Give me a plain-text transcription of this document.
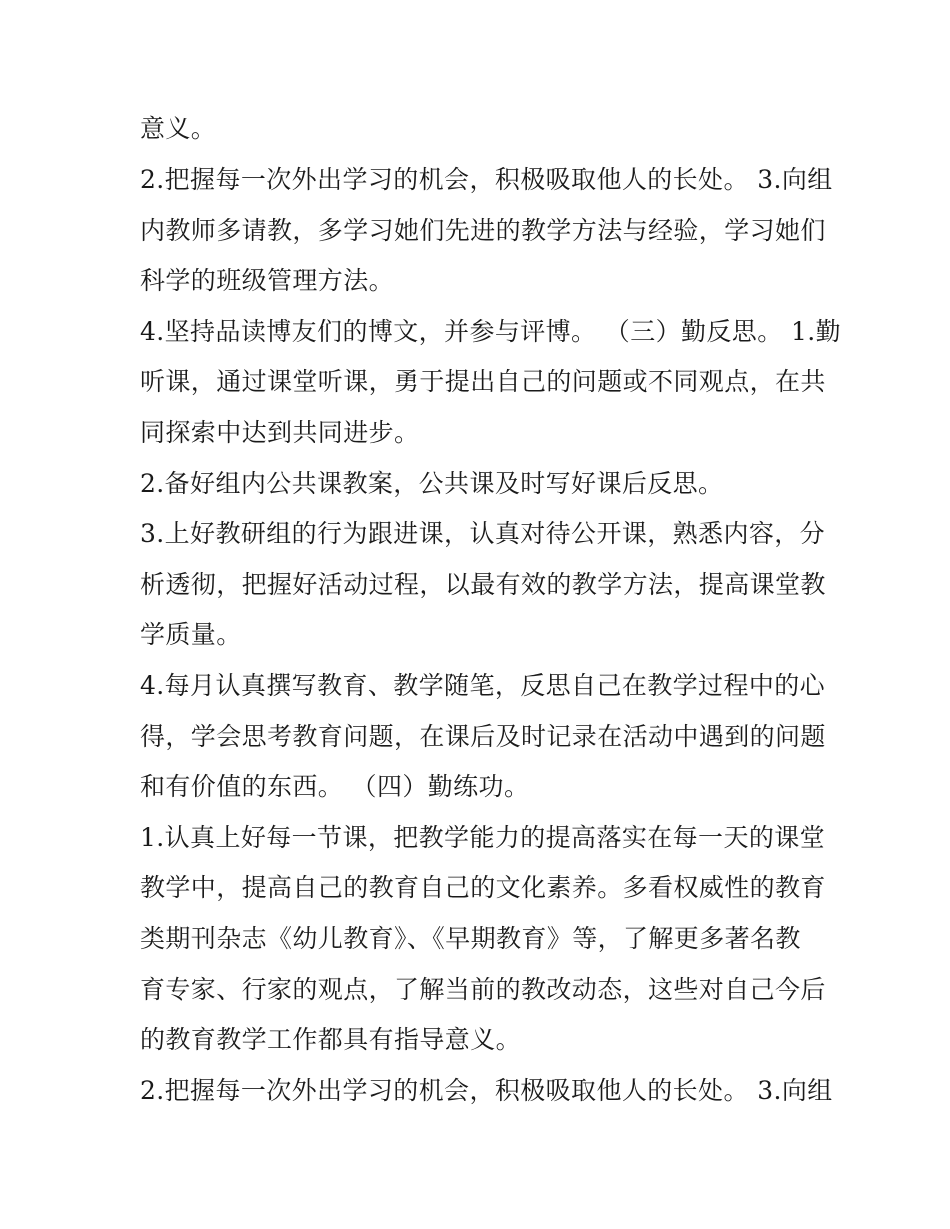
意义。
2.把握每一次外出学习的机会，积极吸取他人的长处。 3.向组
内教师多请教，多学习她们先进的教学方法与经验，学习她们
科学的班级管理方法。
4.坚持品读博友们的博文，并参与评博。 （三）勤反思。 1.勤
听课，通过课堂听课，勇于提出自己的问题或不同观点，在共
同探索中达到共同进步。
2.备好组内公共课教案，公共课及时写好课后反思。
3.上好教研组的行为跟进课，认真对待公开课，熟悉内容，分
析透彻，把握好活动过程，以最有效的教学方法，提高课堂教
学质量。
4.每月认真撰写教育、教学随笔，反思自己在教学过程中的心
得，学会思考教育问题，在课后及时记录在活动中遇到的问题
和有价值的东西。 （四）勤练功。
1.认真上好每一节课，把教学能力的提高落实在每一天的课堂
教学中，提高自己的教育自己的文化素养。多看权威性的教育
类期刊杂志《幼儿教育》、《早期教育》等，了解更多著名教
育专家、行家的观点，了解当前的教改动态，这些对自己今后
的教育教学工作都具有指导意义。
2.把握每一次外出学习的机会，积极吸取他人的长处。 3.向组
